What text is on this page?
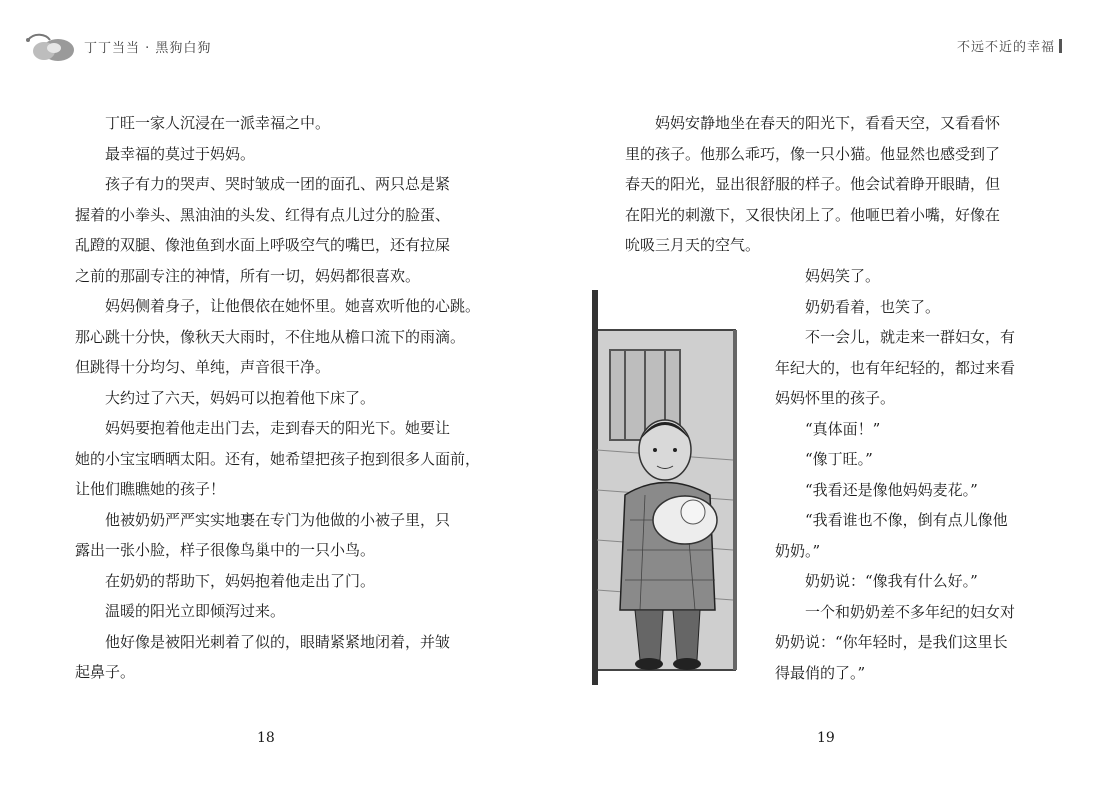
丁丁当当 · 黑狗白狗	不远不近的幸福

丁旺一家人沉浸在一派幸福之中。

最幸福的莫过于妈妈。

孩子有力的哭声、哭时皱成一团的面孔、两只总是紧

握着的小拳头、黑油油的头发、红得有点儿过分的脸蛋、

乱蹬的双腿、像池鱼到水面上呼吸空气的嘴巴，还有拉屎

之前的那副专注的神情，所有一切，妈妈都很喜欢。

妈妈侧着身子，让他偎依在她怀里。她喜欢听他的心跳。

那心跳十分快，像秋天大雨时，不住地从檐口流下的雨滴。

但跳得十分均匀、单纯，声音很干净。

大约过了六天，妈妈可以抱着他下床了。

妈妈要抱着他走出门去，走到春天的阳光下。她要让

她的小宝宝晒晒太阳。还有，她希望把孩子抱到很多人面前，

让他们瞧瞧她的孩子！

他被奶奶严严实实地裹在专门为他做的小被子里，只

露出一张小脸，样子很像鸟巢中的一只小鸟。

在奶奶的帮助下，妈妈抱着他走出了门。

温暖的阳光立即倾泻过来。

他好像是被阳光刺着了似的，眼睛紧紧地闭着，并皱

起鼻子。

妈妈安静地坐在春天的阳光下，看看天空，又看看怀

里的孩子。他那么乖巧，像一只小猫。他显然也感受到了

春天的阳光，显出很舒服的样子。他会试着睁开眼睛，但

在阳光的刺激下，又很快闭上了。他咂巴着小嘴，好像在

吮吸三月天的空气。

妈妈笑了。

奶奶看着，也笑了。

不一会儿，就走来一群妇女，有

年纪大的，也有年纪轻的，都过来看

妈妈怀里的孩子。

“真体面！”

“像丁旺。”

“我看还是像他妈妈麦花。”

“我看谁也不像，倒有点儿像他

奶奶。”

奶奶说：“像我有什么好。”

一个和奶奶差不多年纪的妇女对

奶奶说：“你年轻时，是我们这里长

得最俏的了。”

18	19
